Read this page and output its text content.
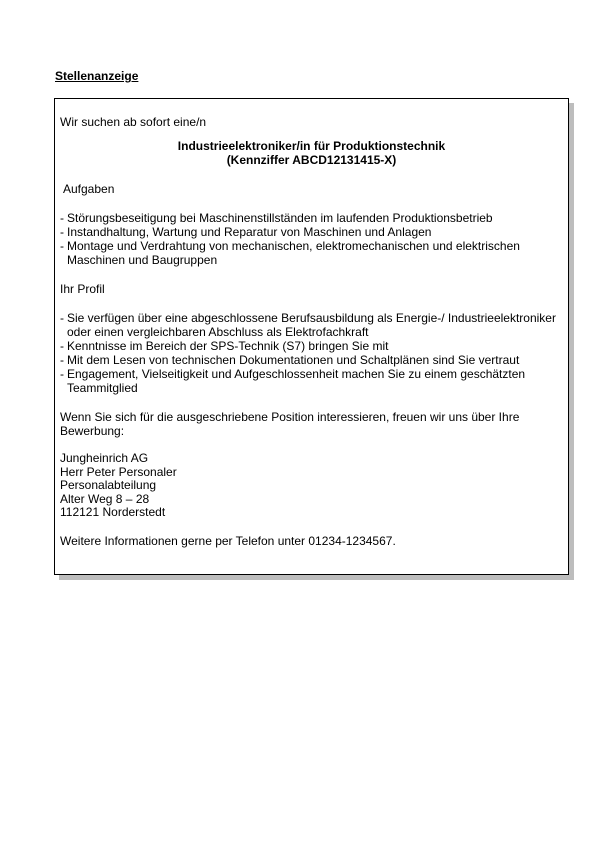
Stellenanzeige

Wir suchen ab sofort eine/n

Industrieelektroniker/in für Produktionstechnik

(Kennziffer ABCD12131415-X)

Aufgaben

- Störungsbeseitigung bei Maschinenstillständen im laufenden Produktionsbetrieb
- Instandhaltung, Wartung und Reparatur von Maschinen und Anlagen
- Montage und Verdrahtung von mechanischen, elektromechanischen und elektrischen Maschinen und Baugruppen

Ihr Profil

- Sie verfügen über eine abgeschlossene Berufsausbildung als Energie-/ Industrieelektroniker oder einen vergleichbaren Abschluss als Elektrofachkraft
- Kenntnisse im Bereich der SPS-Technik (S7) bringen Sie mit
- Mit dem Lesen von technischen Dokumentationen und Schaltplänen sind Sie vertraut
- Engagement, Vielseitigkeit und Aufgeschlossenheit machen Sie zu einem geschätzten Teammitglied

Wenn Sie sich für die ausgeschriebene Position interessieren, freuen wir uns über Ihre Bewerbung:

Jungheinrich AG
Herr Peter Personaler
Personalabteilung
Alter Weg 8 – 28
112121 Norderstedt

Weitere Informationen gerne per Telefon unter 01234-1234567.
